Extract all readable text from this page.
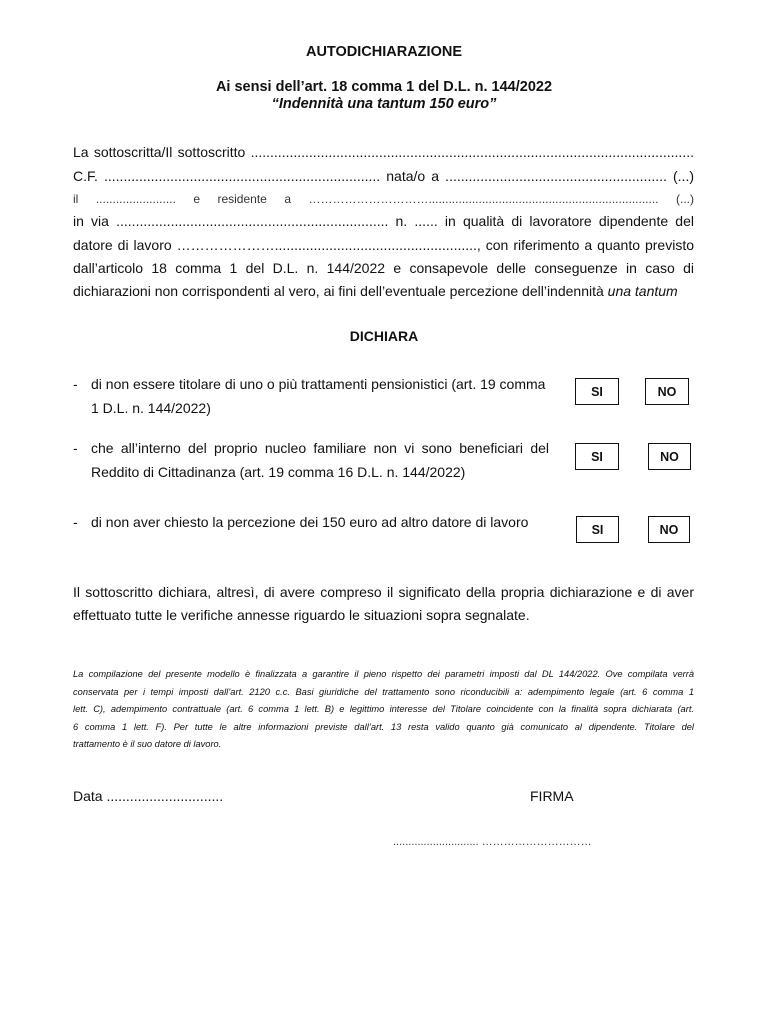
AUTODICHIARAZIONE
Ai sensi dell’art. 18 comma 1 del D.L. n. 144/2022
“Indennità una tantum 150 euro”
La sottoscritta/Il sottoscritto ..................................................................................................................
C.F. ....................................................................... nata/o a ......................................................... (...)
il ........................ e residente a …………………………..................................................................... (...)
in via ...................................................................... n. ...... in qualità di lavoratore dipendente del
datore di lavoro …………………...................................................., con riferimento a quanto previsto
dall’articolo 18 comma 1 del D.L. n. 144/2022 e consapevole delle conseguenze in caso di
dichiarazioni non corrispondenti al vero, ai fini dell’eventuale percezione dell’indennità una tantum
DICHIARA
- di non essere titolare di uno o più trattamenti pensionistici (art. 19 comma 1 D.L. n. 144/2022)
SI	NO
- che all’interno del proprio nucleo familiare non vi sono beneficiari del Reddito di Cittadinanza (art. 19 comma 16 D.L. n. 144/2022)
SI	NO
- di non aver chiesto la percezione dei 150 euro ad altro datore di lavoro	SI	NO
Il sottoscritto dichiara, altresì, di avere compreso il significato della propria dichiarazione e di aver
effettuato tutte le verifiche annesse riguardo le situazioni sopra segnalate.
La compilazione del presente modello è finalizzata a garantire il pieno rispetto dei parametri imposti dal DL 144/2022. Ove compilata verrà
conservata per i tempi imposti dall’art. 2120 c.c. Basi giuridiche del trattamento sono riconducibili a: adempimento legale (art. 6 comma 1
lett. C), adempimento contrattuale (art. 6 comma 1 lett. B) e legittimo interesse del Titolare coincidente con la finalità sopra dichiarata (art.
6 comma 1 lett. F). Per tutte le altre informazioni previste dall’art. 13 resta valido quanto già comunicato al dipendente. Titolare del
trattamento è il suo datore di lavoro.
Data ..............................	FIRMA
............................ …………………………
